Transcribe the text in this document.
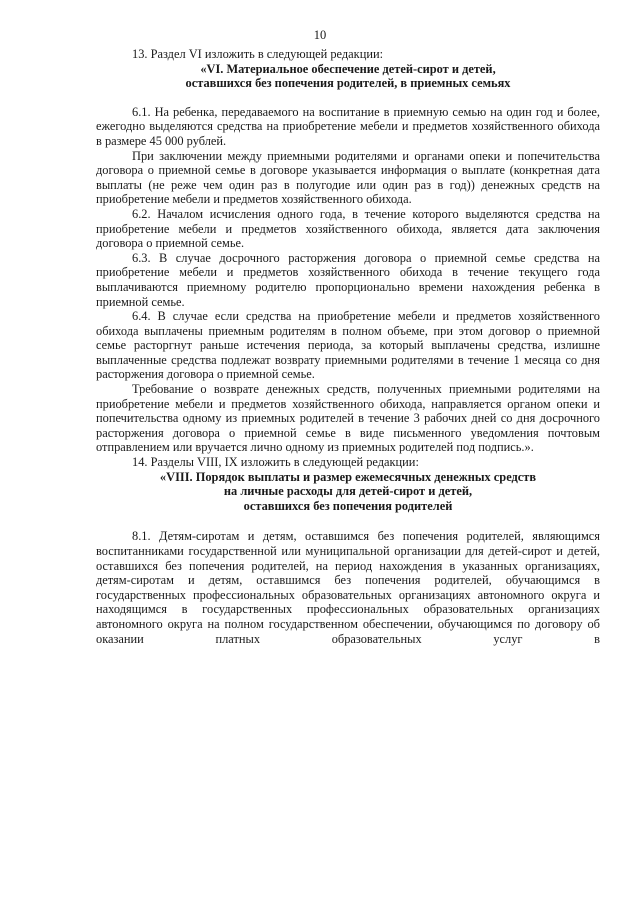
10

13. Раздел VI изложить в следующей редакции:

«VI. Материальное обеспечение детей-сирот и детей,
оставшихся без попечения родителей, в приемных семьях

6.1. На ребенка, передаваемого на воспитание в приемную семью на один год и более, ежегодно выделяются средства на приобретение мебели и предметов хозяйственного обихода в размере 45 000 рублей.

При заключении между приемными родителями и органами опеки и попечительства договора о приемной семье в договоре указывается информация о выплате (конкретная дата выплаты (не реже чем один раз в полугодие или один раз в год)) денежных средств на приобретение мебели и предметов хозяйственного обихода.

6.2. Началом исчисления одного года, в течение которого выделяются средства на приобретение мебели и предметов хозяйственного обихода, является дата заключения договора о приемной семье.

6.3. В случае досрочного расторжения договора о приемной семье средства на приобретение мебели и предметов хозяйственного обихода в течение текущего года выплачиваются приемному родителю пропорционально времени нахождения ребенка в приемной семье.

6.4. В случае если средства на приобретение мебели и предметов хозяйственного обихода выплачены приемным родителям в полном объеме, при этом договор о приемной семье расторгнут раньше истечения периода, за который выплачены средства, излишне выплаченные средства подлежат возврату приемными родителями в течение 1 месяца со дня расторжения договора о приемной семье.

Требование о возврате денежных средств, полученных приемными родителями на приобретение мебели и предметов хозяйственного обихода, направляется органом опеки и попечительства одному из приемных родителей в течение 3 рабочих дней со дня досрочного расторжения договора о приемной семье в виде письменного уведомления почтовым отправлением или вручается лично одному из приемных родителей под подпись.».

14. Разделы VIII, IX изложить в следующей редакции:

«VIII. Порядок выплаты и размер ежемесячных денежных средств
на личные расходы для детей-сирот и детей,
оставшихся без попечения родителей

8.1. Детям-сиротам и детям, оставшимся без попечения родителей, являющимся воспитанниками государственной или муниципальной организации для детей-сирот и детей, оставшихся без попечения родителей, на период нахождения в указанных организациях, детям-сиротам и детям, оставшимся без попечения родителей, обучающимся в государственных профессиональных образовательных организациях автономного округа и находящимся в государственных профессиональных образовательных организациях автономного округа на полном государственном обеспечении, обучающимся по договору об оказании платных образовательных услуг в
